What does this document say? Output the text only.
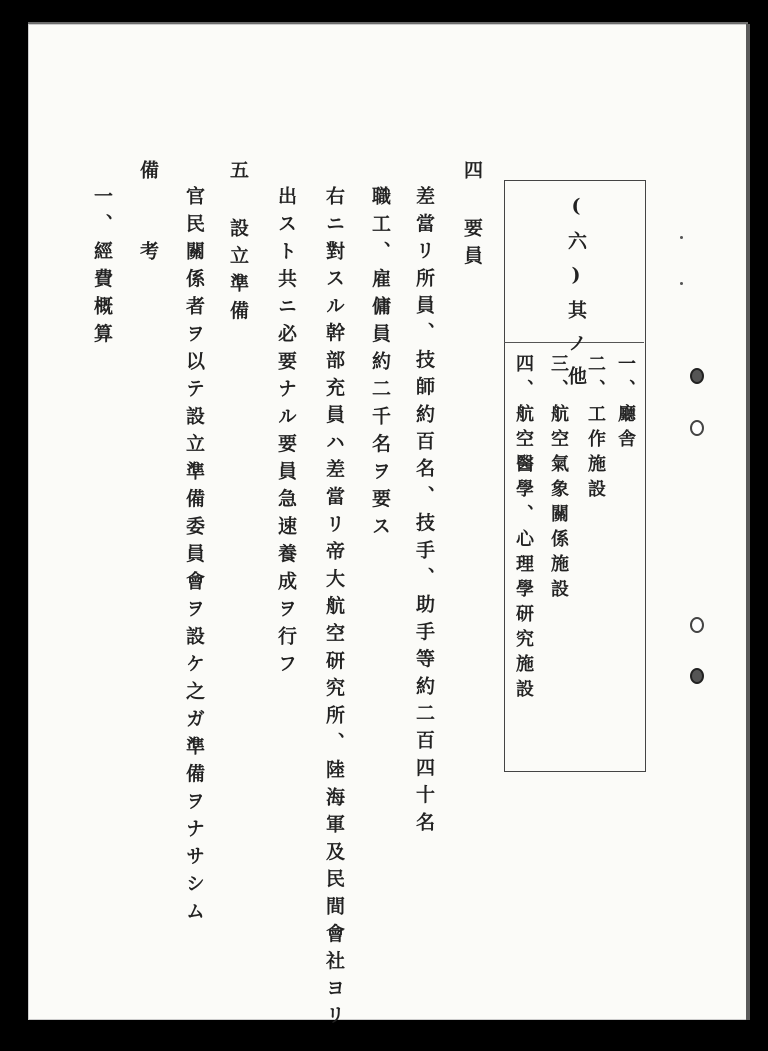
(六)其ノ他
一、廳舎
二、工作施設
三、航空氣象關係施設
四、航空醫學、心理學研究施設
四 要員
差當リ所員、技師約百名、技手、助手等約二百四十名
職工、雇傭員約二千名ヲ要ス
右ニ對スル幹部充員ハ差當リ帝大航空研究所、陸海軍及民間會社ヨリ
出スト共ニ必要ナル要員急速養成ヲ行フ
五 設立準備
官民關係者ヲ以テ設立準備委員會ヲ設ケ之ガ準備ヲナサシム
備 考
一、經費概算
